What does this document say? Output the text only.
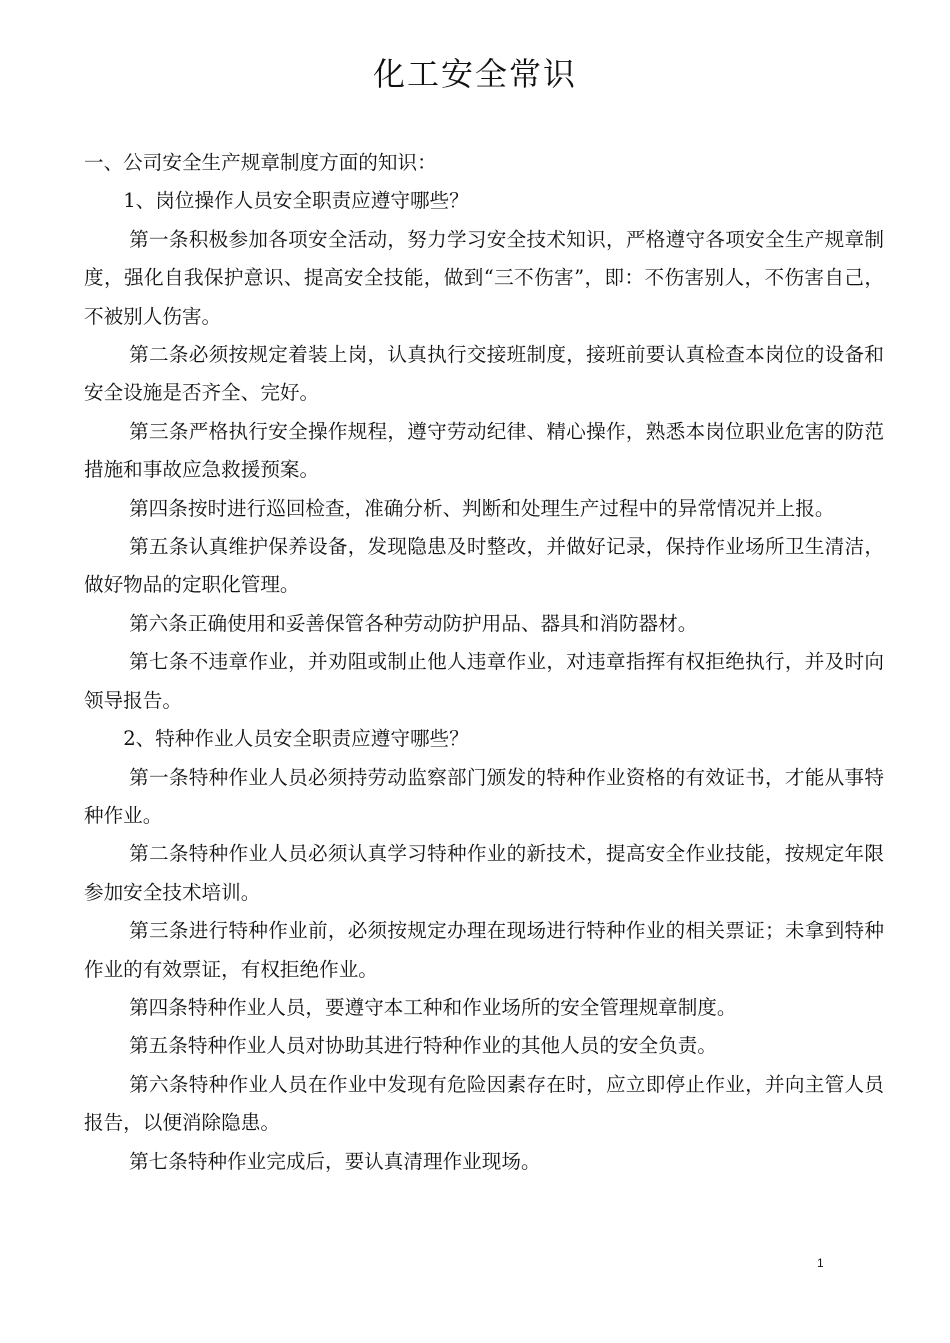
化工安全常识

一、公司安全生产规章制度方面的知识：

1、岗位操作人员安全职责应遵守哪些？

第一条积极参加各项安全活动，努力学习安全技术知识，严格遵守各项安全生产规章制度，强化自我保护意识、提高安全技能，做到“三不伤害”，即：不伤害别人，不伤害自己，不被别人伤害。

第二条必须按规定着装上岗，认真执行交接班制度，接班前要认真检查本岗位的设备和安全设施是否齐全、完好。

第三条严格执行安全操作规程，遵守劳动纪律、精心操作，熟悉本岗位职业危害的防范措施和事故应急救援预案。

第四条按时进行巡回检查，准确分析、判断和处理生产过程中的异常情况并上报。

第五条认真维护保养设备，发现隐患及时整改，并做好记录，保持作业场所卫生清洁，做好物品的定职化管理。

第六条正确使用和妥善保管各种劳动防护用品、器具和消防器材。

第七条不违章作业，并劝阻或制止他人违章作业，对违章指挥有权拒绝执行，并及时向领导报告。

2、特种作业人员安全职责应遵守哪些？

第一条特种作业人员必须持劳动监察部门颁发的特种作业资格的有效证书，才能从事特种作业。

第二条特种作业人员必须认真学习特种作业的新技术，提高安全作业技能，按规定年限参加安全技术培训。

第三条进行特种作业前，必须按规定办理在现场进行特种作业的相关票证；未拿到特种作业的有效票证，有权拒绝作业。

第四条特种作业人员，要遵守本工种和作业场所的安全管理规章制度。

第五条特种作业人员对协助其进行特种作业的其他人员的安全负责。

第六条特种作业人员在作业中发现有危险因素存在时，应立即停止作业，并向主管人员报告，以便消除隐患。

第七条特种作业完成后，要认真清理作业现场。

1
